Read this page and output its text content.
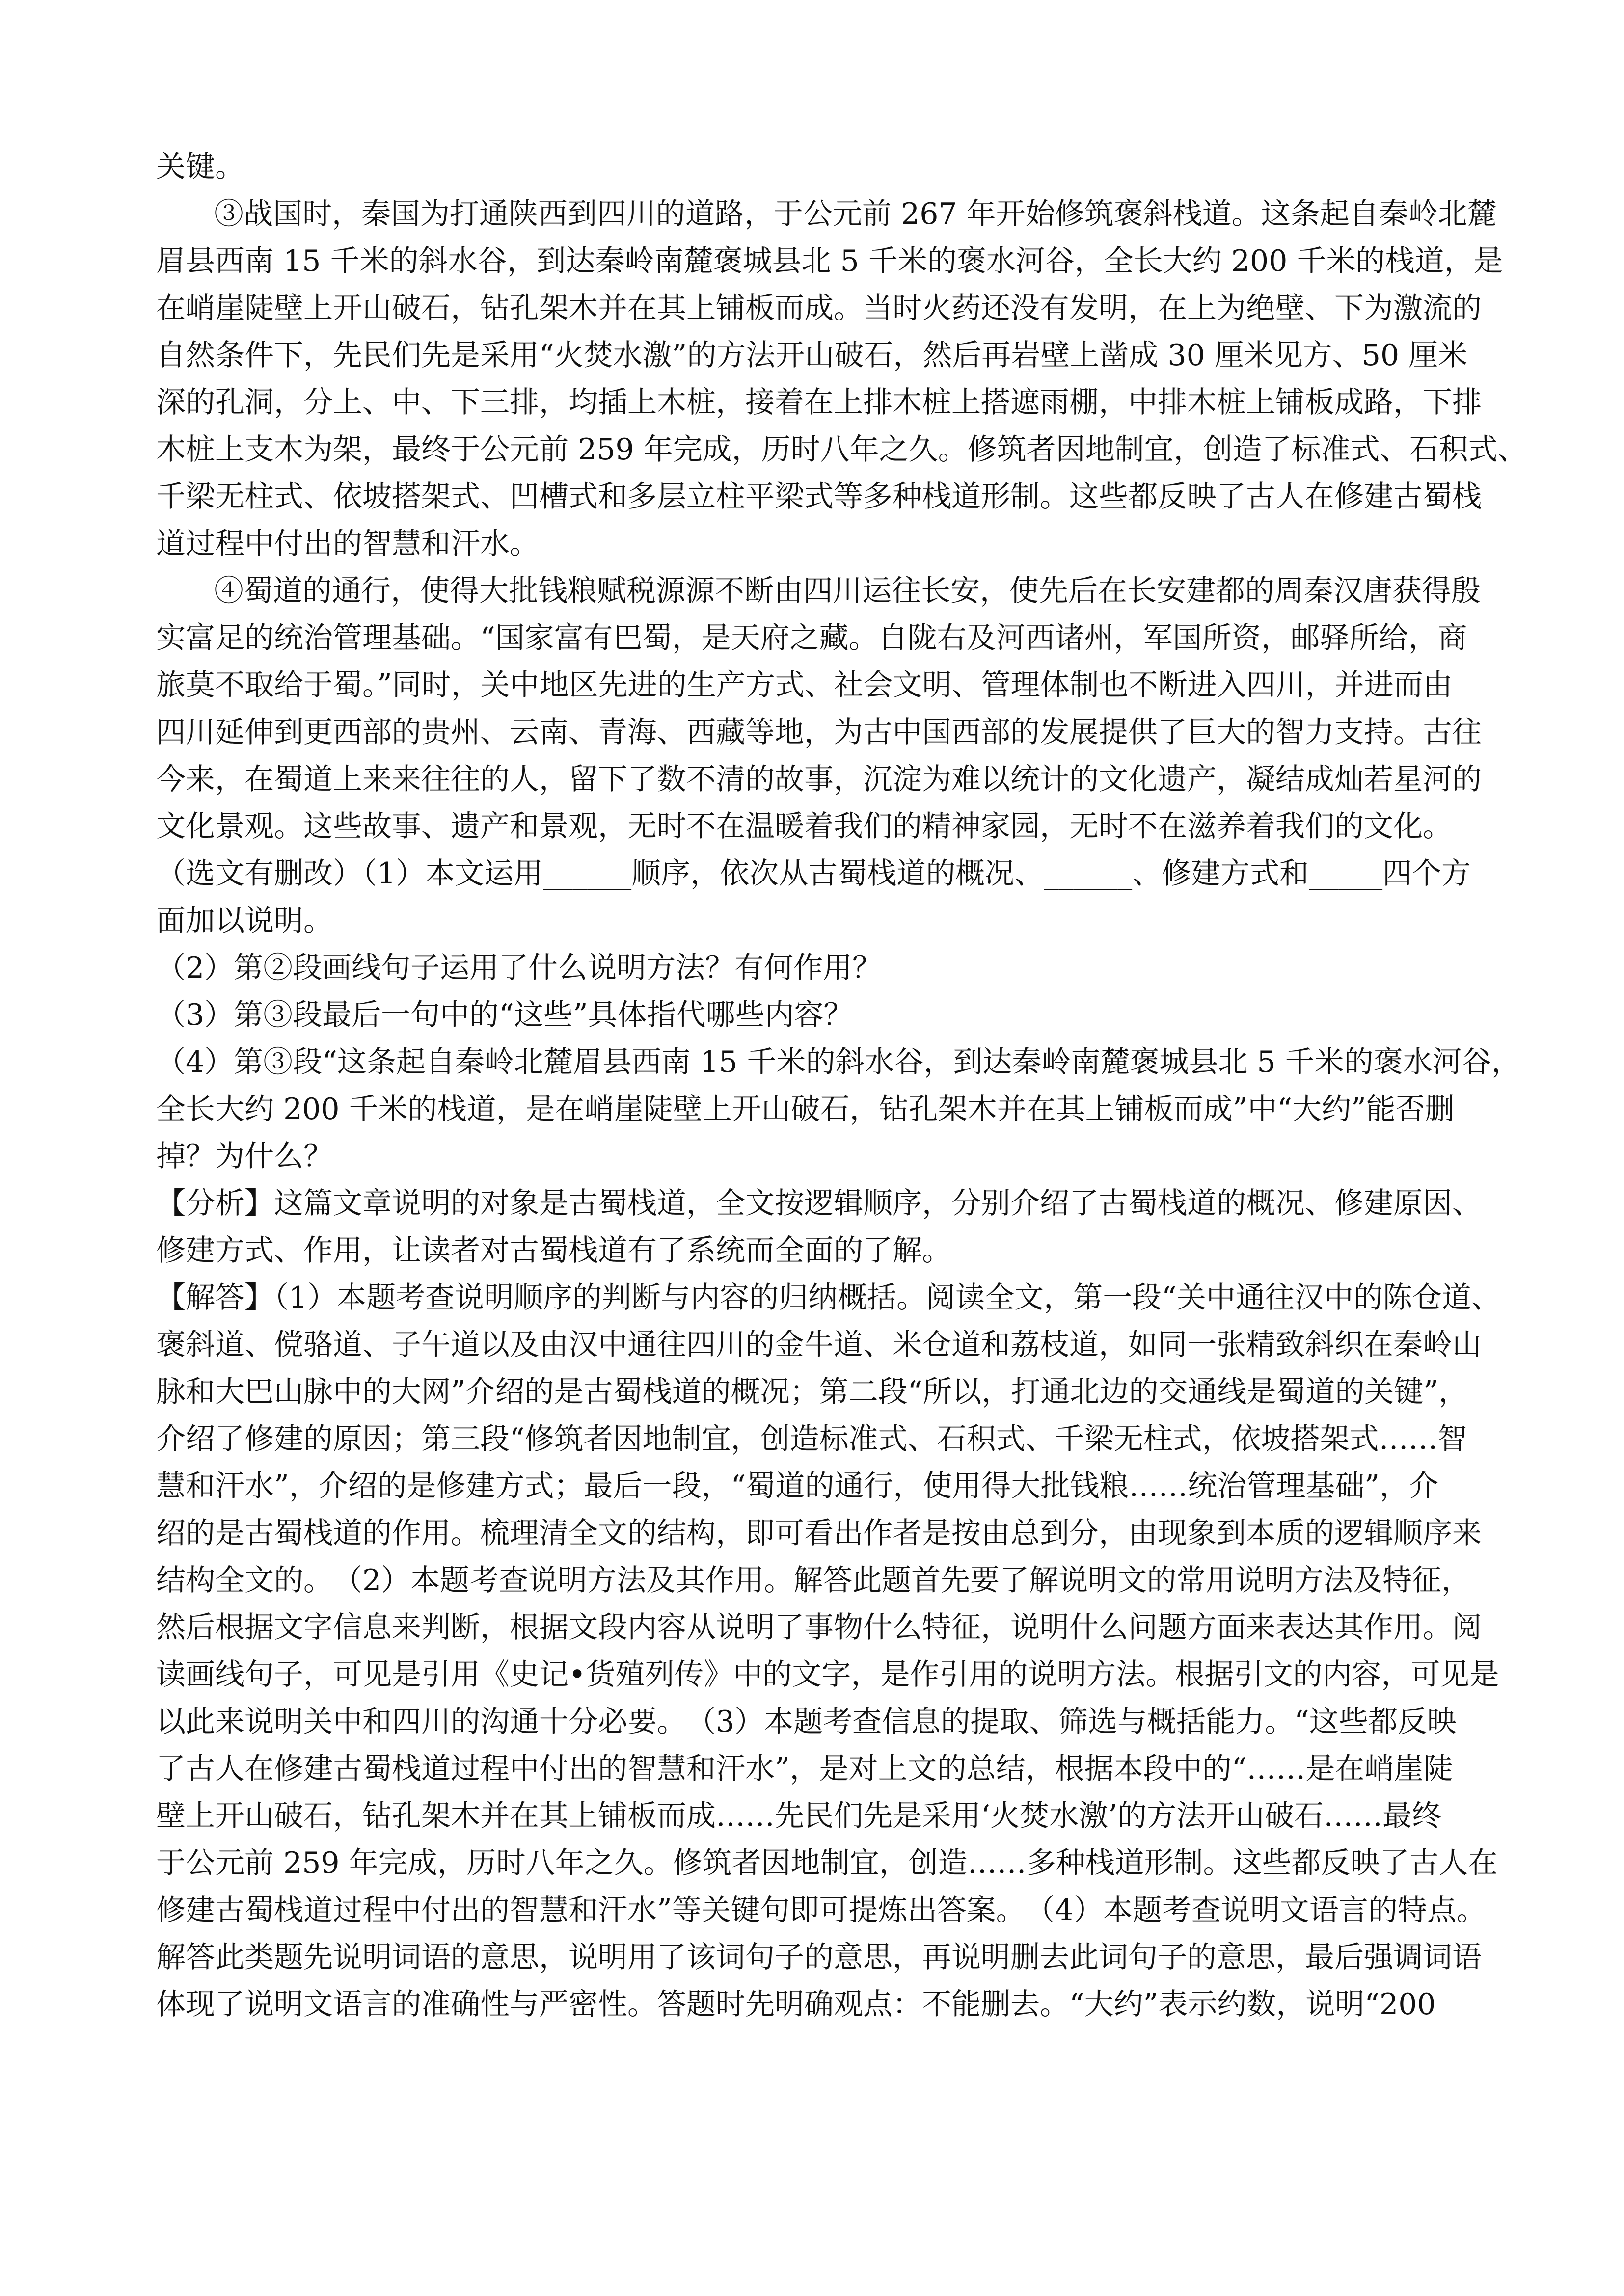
关键。
③战国时，秦国为打通陕西到四川的道路，于公元前 267 年开始修筑褒斜栈道。这条起自秦岭北麓
眉县西南 15 千米的斜水谷，到达秦岭南麓褒城县北 5 千米的褒水河谷，全长大约 200 千米的栈道，是
在峭崖陡壁上开山破石，钻孔架木并在其上铺板而成。当时火药还没有发明，在上为绝壁、下为激流的
自然条件下，先民们先是采用“火焚水激”的方法开山破石，然后再岩壁上凿成 30 厘米见方、50 厘米
深的孔洞，分上、中、下三排，均插上木桩，接着在上排木桩上搭遮雨棚，中排木桩上铺板成路，下排
木桩上支木为架，最终于公元前 259 年完成，历时八年之久。修筑者因地制宜，创造了标准式、石积式、
千梁无柱式、依坡搭架式、凹槽式和多层立柱平梁式等多种栈道形制。这些都反映了古人在修建古蜀栈
道过程中付出的智慧和汗水。
④蜀道的通行，使得大批钱粮赋税源源不断由四川运往长安，使先后在长安建都的周秦汉唐获得殷
实富足的统治管理基础。“国家富有巴蜀，是天府之藏。自陇右及河西诸州，军国所资，邮驿所给，商
旅莫不取给于蜀。”同时，关中地区先进的生产方式、社会文明、管理体制也不断进入四川，并进而由
四川延伸到更西部的贵州、云南、青海、西藏等地，为古中国西部的发展提供了巨大的智力支持。古往
今来，在蜀道上来来往往的人，留下了数不清的故事，沉淀为难以统计的文化遗产，凝结成灿若星河的
文化景观。这些故事、遗产和景观，无时不在温暖着我们的精神家园，无时不在滋养着我们的文化。
（选文有删改）（1）本文运用______顺序，依次从古蜀栈道的概况、______、修建方式和_____四个方
面加以说明。
（2）第②段画线句子运用了什么说明方法？有何作用？
（3）第③段最后一句中的“这些”具体指代哪些内容？
（4）第③段“这条起自秦岭北麓眉县西南 15 千米的斜水谷，到达秦岭南麓褒城县北 5 千米的褒水河谷，
全长大约 200 千米的栈道，是在峭崖陡壁上开山破石，钻孔架木并在其上铺板而成”中“大约”能否删
掉？为什么？
【分析】这篇文章说明的对象是古蜀栈道，全文按逻辑顺序，分别介绍了古蜀栈道的概况、修建原因、
修建方式、作用，让读者对古蜀栈道有了系统而全面的了解。
【解答】（1）本题考查说明顺序的判断与内容的归纳概括。阅读全文，第一段“关中通往汉中的陈仓道、
褒斜道、傥骆道、子午道以及由汉中通往四川的金牛道、米仓道和荔枝道，如同一张精致斜织在秦岭山
脉和大巴山脉中的大网”介绍的是古蜀栈道的概况；第二段“所以，打通北边的交通线是蜀道的关键”，
介绍了修建的原因；第三段“修筑者因地制宜，创造标准式、石积式、千梁无柱式，依坡搭架式……智
慧和汗水”，介绍的是修建方式；最后一段，“蜀道的通行，使用得大批钱粮……统治管理基础”，介
绍的是古蜀栈道的作用。梳理清全文的结构，即可看出作者是按由总到分，由现象到本质的逻辑顺序来
结构全文的。　（2）本题考查说明方法及其作用。解答此题首先要了解说明文的常用说明方法及特征，
然后根据文字信息来判断，根据文段内容从说明了事物什么特征，说明什么问题方面来表达其作用。阅
读画线句子，可见是引用《史记•货殖列传》中的文字，是作引用的说明方法。根据引文的内容，可见是
以此来说明关中和四川的沟通十分必要。　（3）本题考查信息的提取、筛选与概括能力。“这些都反映
了古人在修建古蜀栈道过程中付出的智慧和汗水”，是对上文的总结，根据本段中的“……是在峭崖陡
壁上开山破石，钻孔架木并在其上铺板而成……先民们先是采用‘火焚水激’的方法开山破石……最终
于公元前 259 年完成，历时八年之久。修筑者因地制宜，创造……多种栈道形制。这些都反映了古人在
修建古蜀栈道过程中付出的智慧和汗水”等关键句即可提炼出答案。　（4）本题考查说明文语言的特点。
解答此类题先说明词语的意思，说明用了该词句子的意思，再说明删去此词句子的意思，最后强调词语
体现了说明文语言的准确性与严密性。答题时先明确观点：不能删去。“大约”表示约数，说明“200
